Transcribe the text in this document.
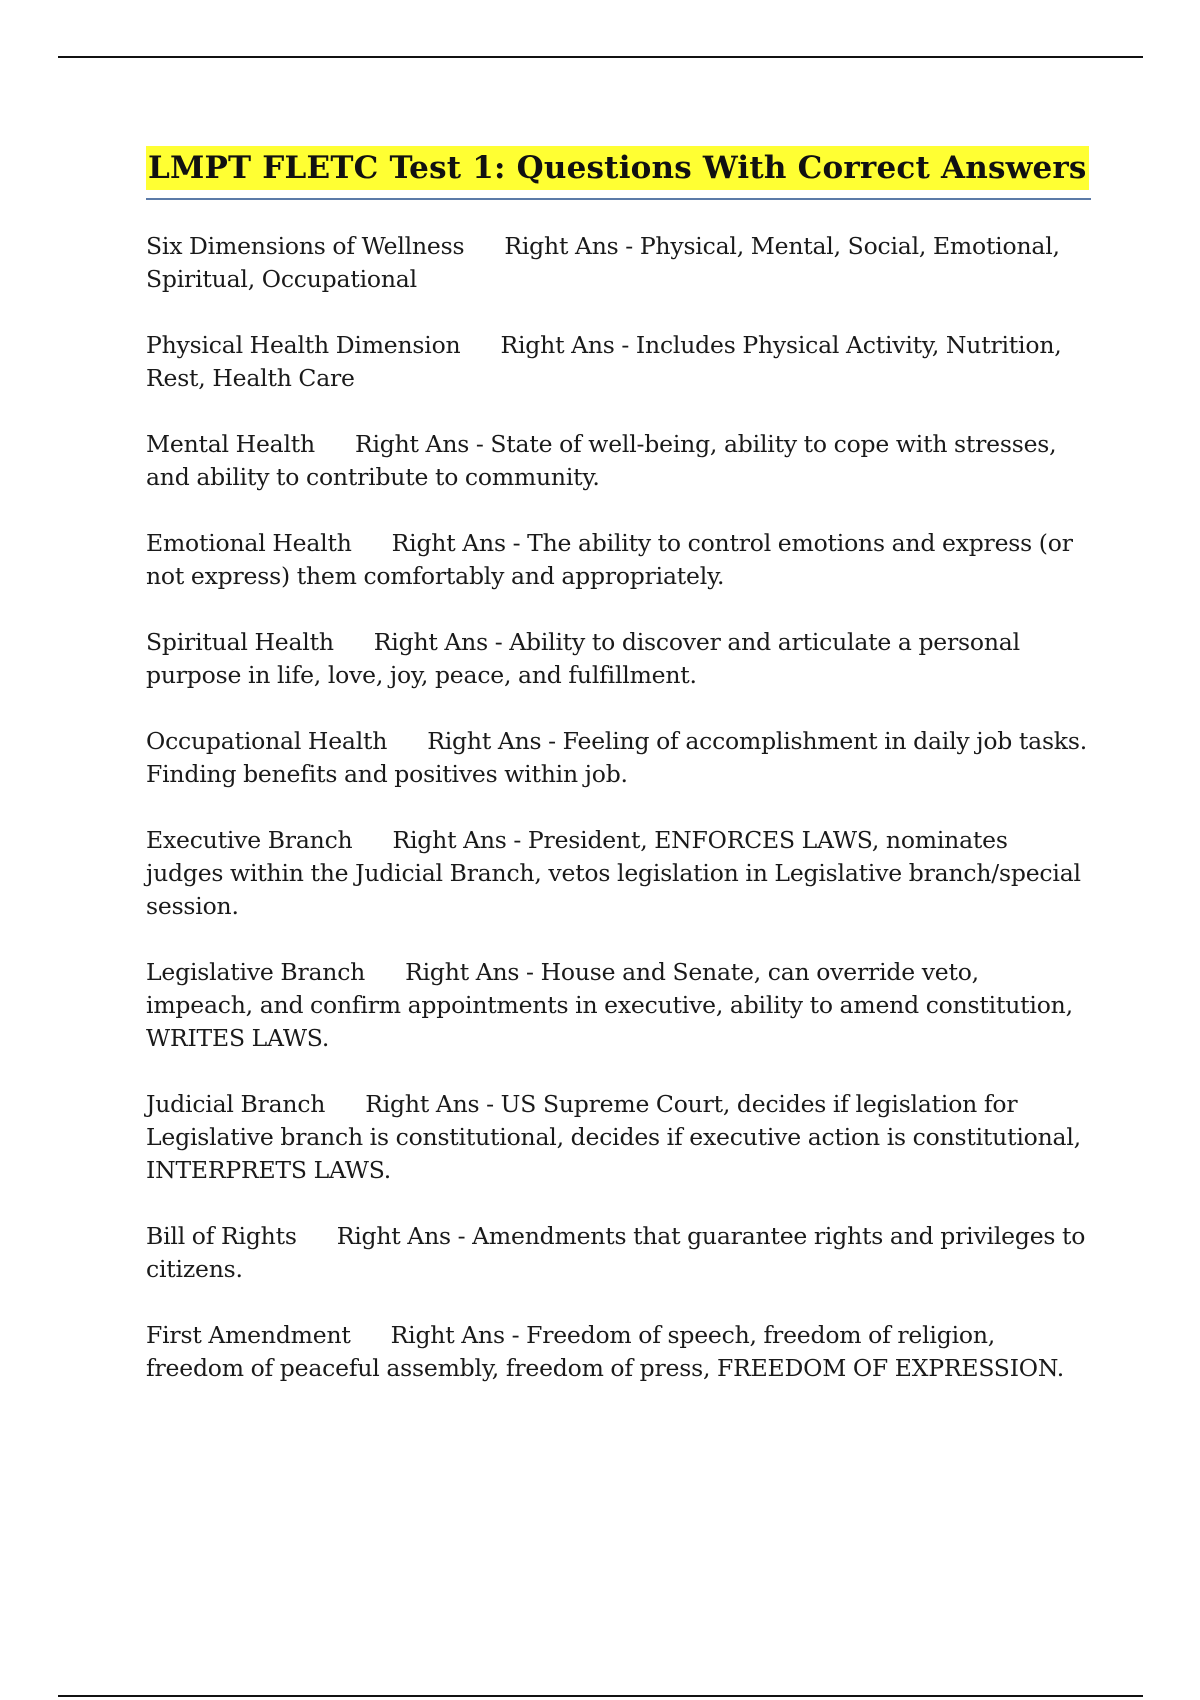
LMPT FLETC Test 1: Questions With Correct Answers

Six Dimensions of Wellness Right Ans - Physical, Mental, Social, Emotional, Spiritual, Occupational

Physical Health Dimension Right Ans - Includes Physical Activity, Nutrition, Rest, Health Care

Mental Health Right Ans - State of well-being, ability to cope with stresses, and ability to contribute to community.

Emotional Health Right Ans - The ability to control emotions and express (or not express) them comfortably and appropriately.

Spiritual Health Right Ans - Ability to discover and articulate a personal purpose in life, love, joy, peace, and fulfillment.

Occupational Health Right Ans - Feeling of accomplishment in daily job tasks. Finding benefits and positives within job.

Executive Branch Right Ans - President, ENFORCES LAWS, nominates judges within the Judicial Branch, vetos legislation in Legislative branch/special session.

Legislative Branch Right Ans - House and Senate, can override veto, impeach, and confirm appointments in executive, ability to amend constitution, WRITES LAWS.

Judicial Branch Right Ans - US Supreme Court, decides if legislation for Legislative branch is constitutional, decides if executive action is constitutional, INTERPRETS LAWS.

Bill of Rights Right Ans - Amendments that guarantee rights and privileges to citizens.

First Amendment Right Ans - Freedom of speech, freedom of religion, freedom of peaceful assembly, freedom of press, FREEDOM OF EXPRESSION.
